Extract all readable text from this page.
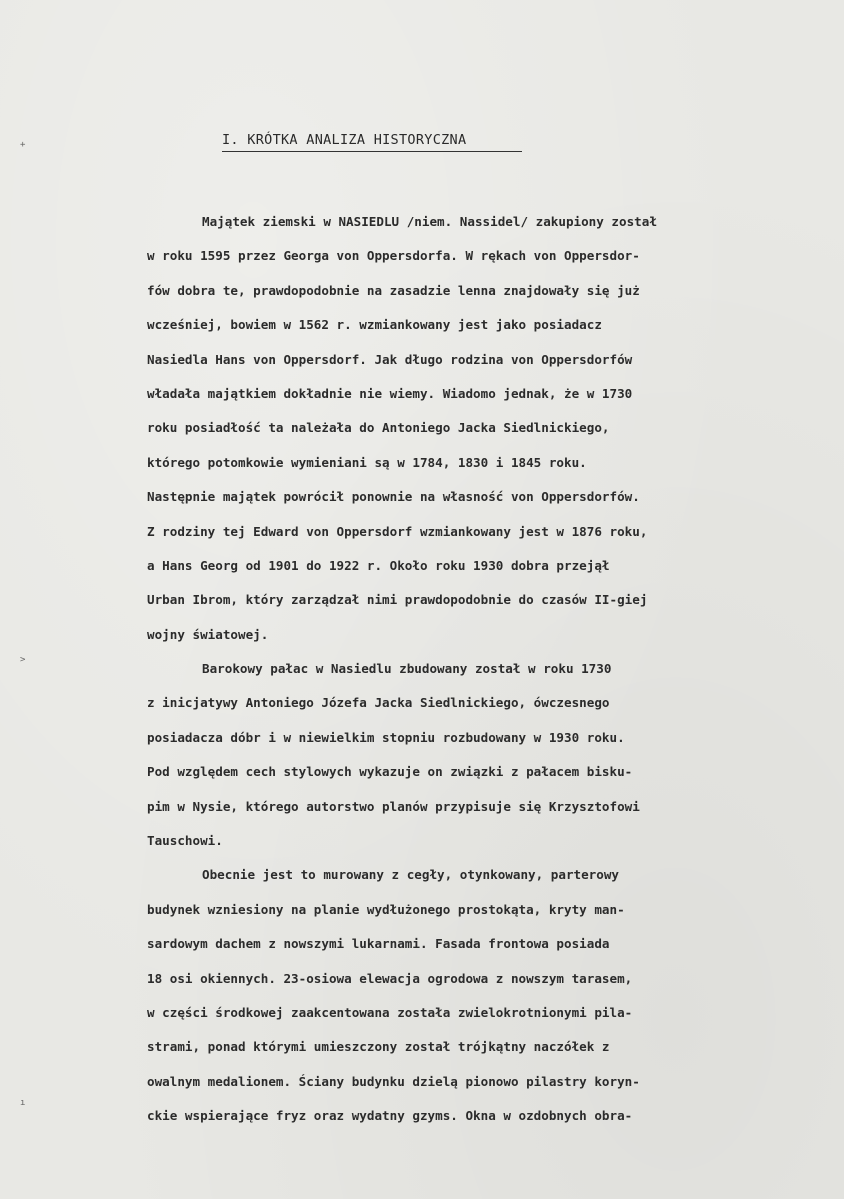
+
>
ı
I. KRÓTKA ANALIZA HISTORYCZNA
Majątek ziemski w NASIEDLU /niem. Nassidel/ zakupiony został
w roku 1595 przez Georga von Oppersdorfa. W rękach von Oppersdor-
fów dobra te, prawdopodobnie na zasadzie lenna znajdowały się już
wcześniej, bowiem w 1562 r. wzmiankowany jest jako posiadacz
Nasiedla Hans von Oppersdorf. Jak długo rodzina von Oppersdorfów
władała majątkiem dokładnie nie wiemy. Wiadomo jednak, że w 1730
roku posiadłość ta należała do Antoniego Jacka Siedlnickiego,
którego potomkowie wymieniani są w 1784, 1830 i 1845 roku.
Następnie majątek powrócił ponownie na własność von Oppersdorfów.
Z rodziny tej Edward von Oppersdorf wzmiankowany jest w 1876 roku,
a Hans Georg od 1901 do 1922 r. Około roku 1930 dobra przejął
Urban Ibrom, który zarządzał nimi prawdopodobnie do czasów II-giej
wojny światowej.
Barokowy pałac w Nasiedlu zbudowany został w roku 1730
z inicjatywy Antoniego Józefa Jacka Siedlnickiego, ówczesnego
posiadacza dóbr i w niewielkim stopniu rozbudowany w 1930 roku.
Pod względem cech stylowych wykazuje on związki z pałacem bisku-
pim w Nysie, którego autorstwo planów przypisuje się Krzysztofowi
Tauschowi.
Obecnie jest to murowany z cegły, otynkowany, parterowy
budynek wzniesiony na planie wydłużonego prostokąta, kryty man-
sardowym dachem z nowszymi lukarnami. Fasada frontowa posiada
18 osi okiennych. 23-osiowa elewacja ogrodowa z nowszym tarasem,
w części środkowej zaakcentowana została zwielokrotnionymi pila-
strami, ponad którymi umieszczony został trójkątny naczółek z
owalnym medalionem. Ściany budynku dzielą pionowo pilastry koryn-
ckie wspierające fryz oraz wydatny gzyms. Okna w ozdobnych obra-
